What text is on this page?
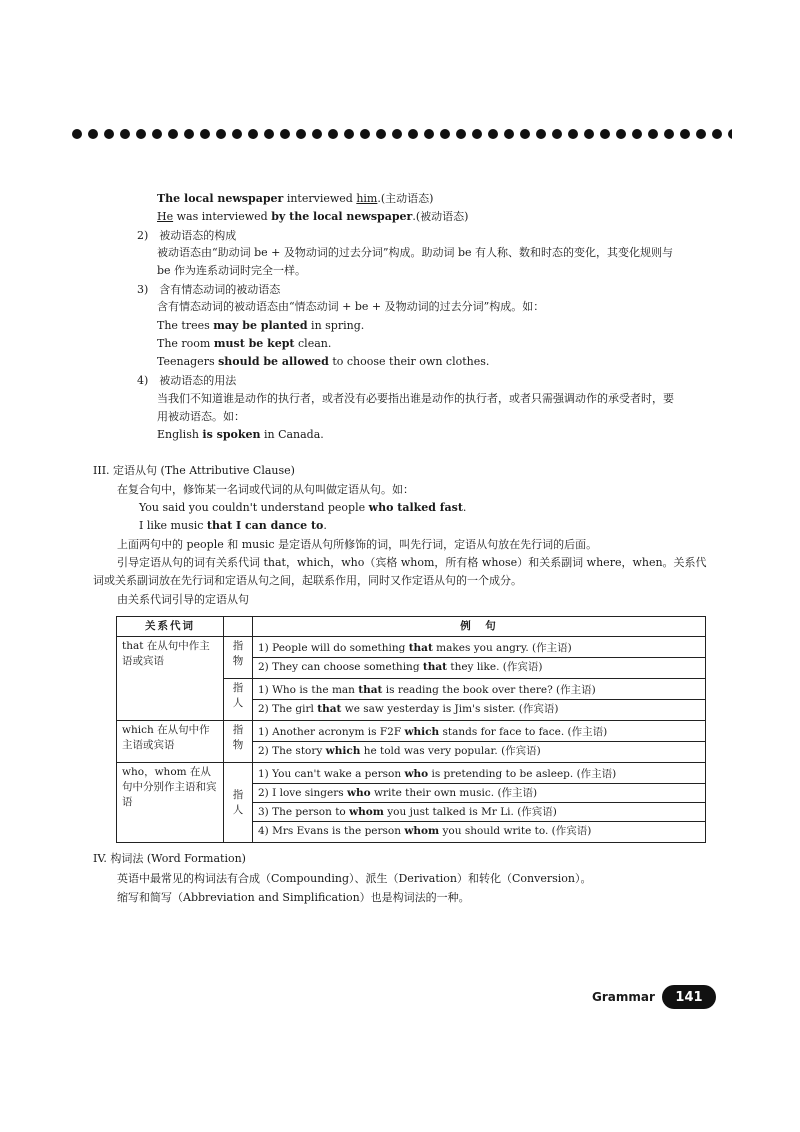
The local newspaper interviewed him.(主动语态)
He was interviewed by the local newspaper.(被动语态)
2)　被动语态的构成
被动语态由“助动词 be + 及物动词的过去分词”构成。助动词 be 有人称、数和时态的变化，其变化规则与
be 作为连系动词时完全一样。
3)　含有情态动词的被动语态
含有情态动词的被动语态由“情态动词 + be + 及物动词的过去分词”构成。如：
The trees may be planted in spring.
The room must be kept clean.
Teenagers should be allowed to choose their own clothes.
4)　被动语态的用法
当我们不知道谁是动作的执行者，或者没有必要指出谁是动作的执行者，或者只需强调动作的承受者时，要
用被动语态。如：
English is spoken in Canada.
III. 定语从句 (The Attributive Clause)
在复合句中，修饰某一名词或代词的从句叫做定语从句。如：
You said you couldn't understand people who talked fast.
I like music that I can dance to.
上面两句中的 people 和 music 是定语从句所修饰的词，叫先行词，定语从句放在先行词的后面。
引导定语从句的词有关系代词 that，which，who（宾格 whom，所有格 whose）和关系副词 where，when。关系代
词或关系副词放在先行词和定语从句之间，起联系作用，同时又作定语从句的一个成分。
由关系代词引导的定语从句
关系代词		例　句
that 在从句中作主语或宾语	指物	1) People will do something that makes you angry. (作主语)
2) They can choose something that they like. (作宾语)

	指人	1) Who is the man that is reading the book over there? (作主语)
2) The girl that we saw yesterday is Jim's sister. (作宾语)

which 在从句中作主语或宾语	指物	1) Another acronym is F2F which stands for face to face. (作主语)
2) The story which he told was very popular. (作宾语)

who，whom 在从句中分别作主语和宾语	指人	1) You can't wake a person who is pretending to be asleep. (作主语)
2) I love singers who write their own music. (作主语)
3) The person to whom you just talked is Mr Li. (作宾语)
4) Mrs Evans is the person whom you should write to. (作宾语)
IV. 构词法 (Word Formation)
英语中最常见的构词法有合成（Compounding）、派生（Derivation）和转化（Conversion）。
缩写和简写（Abbreviation and Simplification）也是构词法的一种。
Grammar	141
